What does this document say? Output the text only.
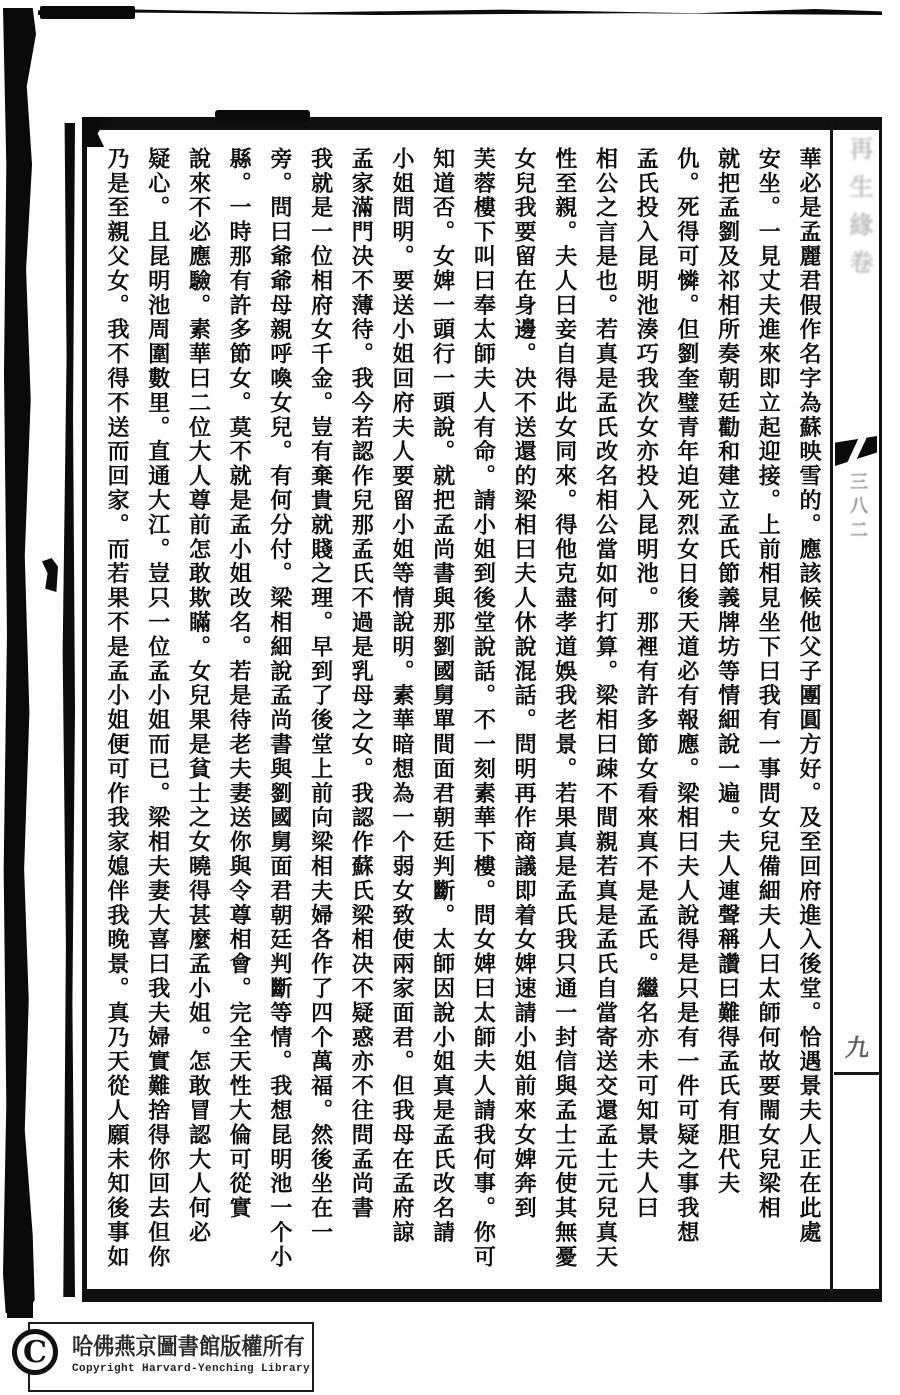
再生緣卷
三八二
九
華必是孟麗君假作名字為蘇映雪的。應該候他父子團圓方好。及至回府進入後堂。恰遇景夫人正在此處
安坐。一見丈夫進來即立起迎接。上前相見坐下曰我有一事問女兒備細夫人曰太師何故要閙女兒梁相
就把孟劉及祁相所奏朝廷勸和建立孟氏節義牌坊等情細說一遍。夫人連聲稱讚曰難得孟氏有胆代夫
仇。死得可憐。但劉奎璧青年迫死烈女日後天道必有報應。梁相曰夫人說得是只是有一件可疑之事我想
孟氏投入昆明池湊巧我次女亦投入昆明池。那裡有許多節女看來真不是孟氏。繼名亦未可知景夫人曰
相公之言是也。若真是孟氏改名相公當如何打算。梁相曰疎不間親若真是孟氏自當寄送交還孟士元兒真天
性至親。夫人曰妾自得此女同來。得他克盡孝道娛我老景。若果真是孟氏我只通一封信與孟士元使其無憂
女兒我要留在身邊。决不送還的梁相曰夫人休說混話。問明再作商議即着女婢速請小姐前來女婢奔到
芙蓉樓下叫曰奉太師夫人有命。請小姐到後堂說話。不一刻素華下樓。問女婢曰太師夫人請我何事。你可
知道否。女婢一頭行一頭說。就把孟尚書與那劉國舅單間面君朝廷判斷。太師因說小姐真是孟氏改名請
小姐問明。要送小姐回府夫人要留小姐等情說明。素華暗想為一个弱女致使兩家面君。但我母在孟府諒
孟家滿門决不薄待。我今若認作兒那孟氏不過是乳母之女。我認作蘇氏梁相决不疑惑亦不往問孟尚書
我就是一位相府女千金。豈有棄貴就賤之理。早到了後堂上前向梁相夫婦各作了四个萬福。然後坐在一
旁。問曰爺爺母親呼喚女兒。有何分付。梁相細說孟尚書與劉國舅面君朝廷判斷等情。我想昆明池一个小
縣。一時那有許多節女。莫不就是孟小姐改名。若是待老夫妻送你與令尊相會。完全天性大倫可從實
說來不必應驗。素華曰二位大人尊前怎敢欺瞞。女兒果是貧士之女曉得甚麼孟小姐。怎敢冒認大人何必
疑心。且昆明池周圍數里。直通大江。豈只一位孟小姐而已。梁相夫妻大喜曰我夫婦實難捨得你回去但你
乃是至親父女。我不得不送而回家。而若果不是孟小姐便可作我家媳伴我晚景。真乃天從人願未知後事如
C	哈佛燕京圖書館版權所有
Copyright Harvard-Yenching Library
